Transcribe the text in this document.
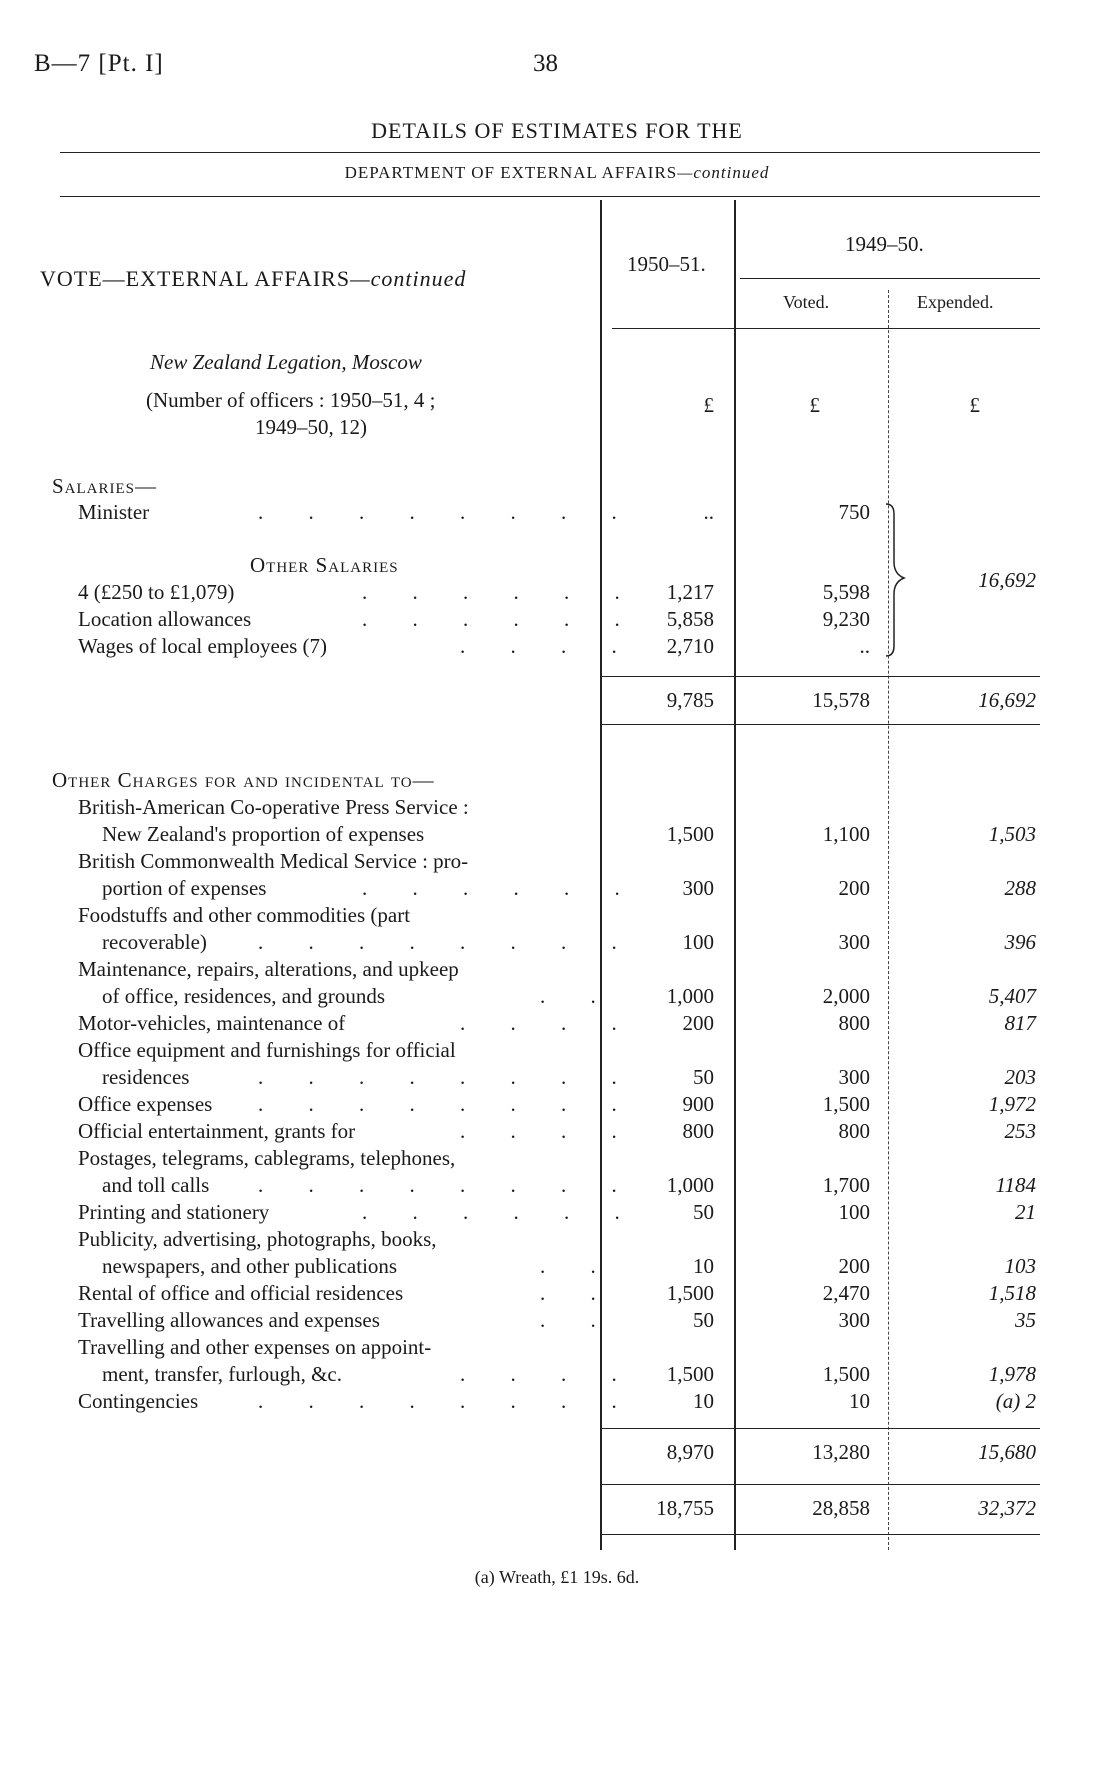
B—7 [Pt. I]	38
DETAILS OF ESTIMATES FOR THE
DEPARTMENT OF EXTERNAL AFFAIRS—continued
VOTE—EXTERNAL AFFAIRS—continued
1950–51.
1949–50.
Voted.	Expended.
New Zealand Legation, Moscow
(Number of officers : 1950–51, 4 ;
1949–50, 12)
£	£	£
Salaries—
Minister	. . . . . . . .	..	750
Other Salaries
4 (£250 to £1,079)	. . . . . .	1,217	5,598
Location allowances	. . . . . .	5,858	9,230
Wages of local employees (7)	. . . .	2,710	..
16,692
9,785	15,578	16,692
Other Charges for and incidental to—
British-American Co-operative Press Service :
New Zealand's proportion of expenses	1,500	1,100	1,503
British Commonwealth Medical Service : pro-
portion of expenses	. . . . . .	300	200	288
Foodstuffs and other commodities (part
recoverable) . . . . . . . .	100	300	396
Maintenance, repairs, alterations, and upkeep
of office, residences, and grounds	. .	1,000	2,000	5,407
Motor-vehicles, maintenance of	. . . .	200	800	817
Office equipment and furnishings for official
residences	. . . . . . . .	50	300	203
Office expenses . . . . . . . .	900	1,500	1,972
Official entertainment, grants for	. . . .	800	800	253
Postages, telegrams, cablegrams, telephones,
and toll calls . . . . . . . .	1,000	1,700	1184
Printing and stationery	. . . . . .	50	100	21
Publicity, advertising, photographs, books,
newspapers, and other publications	. .	10	200	103
Rental of office and official residences	. .	1,500	2,470	1,518
Travelling allowances and expenses	. .	50	300	35
Travelling and other expenses on appoint-
ment, transfer, furlough, &c.	. . . .	1,500	1,500	1,978
Contingencies	. . . . . . . .	10	10	(a) 2
8,970	13,280	15,680
18,755	28,858	32,372
(a) Wreath, £1 19s. 6d.
